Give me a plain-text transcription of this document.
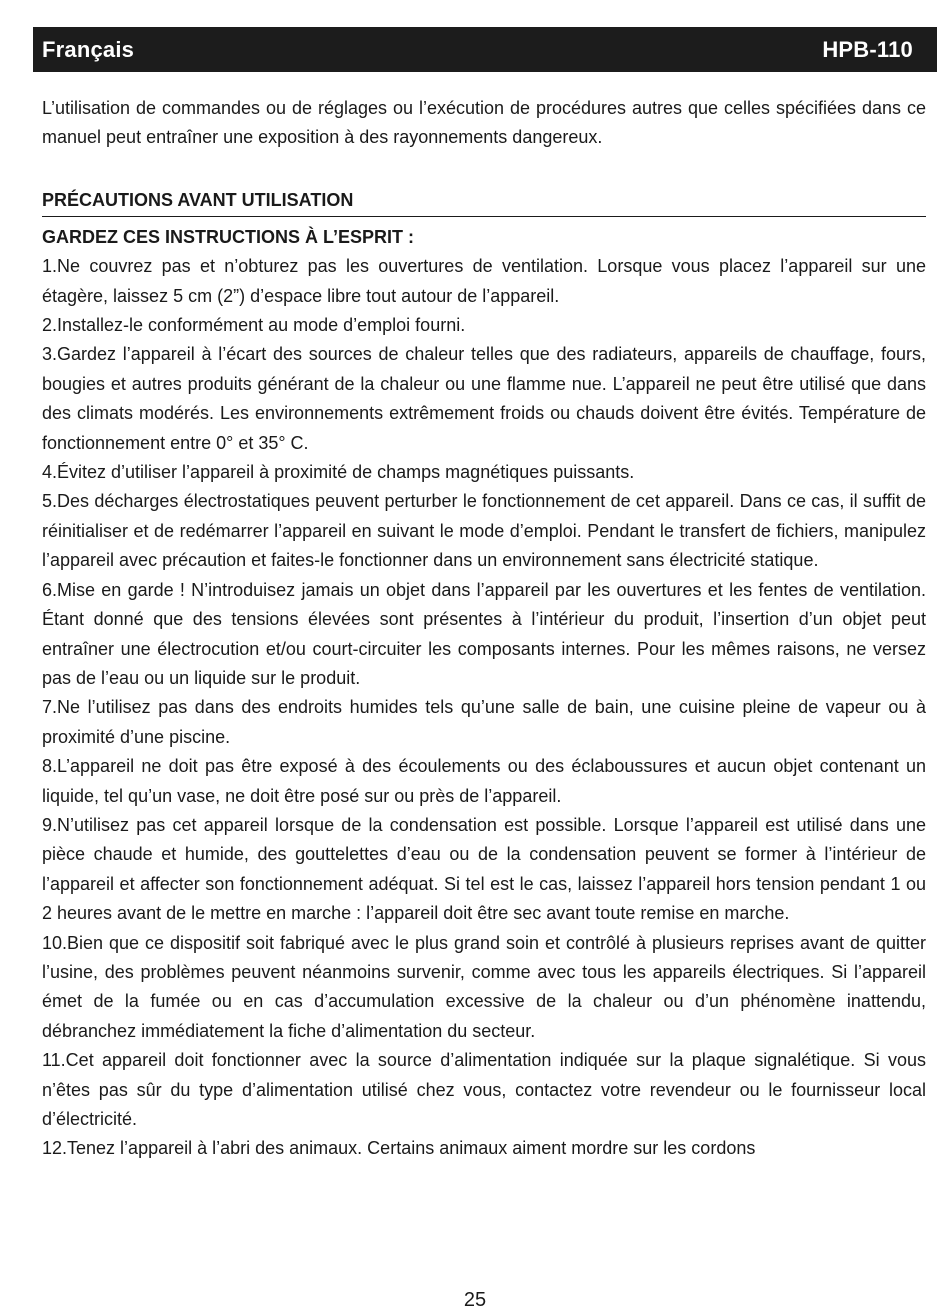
Français	HPB-110

L’utilisation de commandes ou de réglages ou l’exécution de procédures autres que celles spécifiées dans ce manuel peut entraîner une exposition à des rayonnements dangereux.

PRÉCAUTIONS AVANT UTILISATION

GARDEZ CES INSTRUCTIONS À L’ESPRIT :

1.Ne couvrez pas et n’obturez pas les ouvertures de ventilation. Lorsque vous placez l’appareil sur une étagère, laissez 5 cm (2”) d’espace libre tout autour de l’appareil.

2.Installez-le conformément au mode d’emploi fourni.

3.Gardez l’appareil à l’écart des sources de chaleur telles que des radiateurs, appareils de chauffage, fours, bougies et autres produits générant de la chaleur ou une flamme nue. L’appareil ne peut être utilisé que dans des climats modérés. Les environnements extrêmement froids ou chauds doivent être évités. Température de fonctionnement entre 0° et 35° C.

4.Évitez d’utiliser l’appareil à proximité de champs magnétiques puissants.

5.Des décharges électrostatiques peuvent perturber le fonctionnement de cet appareil. Dans ce cas, il suffit de réinitialiser et de redémarrer l’appareil en suivant le mode d’emploi. Pendant le transfert de fichiers, manipulez l’appareil avec précaution et faites-le fonctionner dans un environnement sans électricité statique.

6.Mise en garde ! N’introduisez jamais un objet dans l’appareil par les ouvertures et les fentes de ventilation. Étant donné que des tensions élevées sont présentes à l’intérieur du produit, l’insertion d’un objet peut entraîner une électrocution et/ou court-circuiter les composants internes. Pour les mêmes raisons, ne versez pas de l’eau ou un liquide sur le produit.

7.Ne l’utilisez pas dans des endroits humides tels qu’une salle de bain, une cuisine pleine de vapeur ou à proximité d’une piscine.

8.L’appareil ne doit pas être exposé à des écoulements ou des éclaboussures et aucun objet contenant un liquide, tel qu’un vase, ne doit être posé sur ou près de l’appareil.

9.N’utilisez pas cet appareil lorsque de la condensation est possible. Lorsque l’appareil est utilisé dans une pièce chaude et humide, des gouttelettes d’eau ou de la condensation peuvent se former à l’intérieur de l’appareil et affecter son fonctionnement adéquat. Si tel est le cas, laissez l’appareil hors tension pendant 1 ou 2 heures avant de le mettre en marche : l’appareil doit être sec avant toute remise en marche.

10.Bien que ce dispositif soit fabriqué avec le plus grand soin et contrôlé à plusieurs reprises avant de quitter l’usine, des problèmes peuvent néanmoins survenir, comme avec tous les appareils électriques. Si l’appareil émet de la fumée ou en cas d’accumulation excessive de la chaleur ou d’un phénomène inattendu, débranchez immédiatement la fiche d’alimentation du secteur.

11.Cet appareil doit fonctionner avec la source d’alimentation indiquée sur la plaque signalétique. Si vous n’êtes pas sûr du type d’alimentation utilisé chez vous, contactez votre revendeur ou le fournisseur local d’électricité.

12.Tenez l’appareil à l’abri des animaux. Certains animaux aiment mordre sur les cordons

25
